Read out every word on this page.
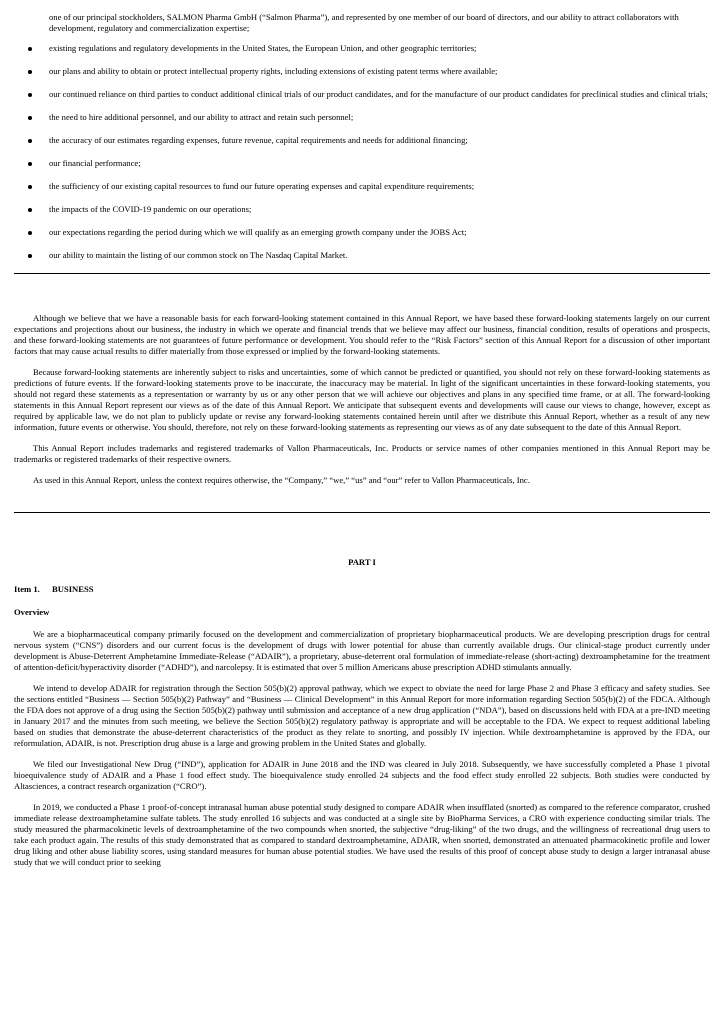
one of our principal stockholders, SALMON Pharma GmbH (“Salmon Pharma”), and represented by one member of our board of directors, and our ability to attract collaborators with development, regulatory and commercialization expertise;
existing regulations and regulatory developments in the United States, the European Union, and other geographic territories;
our plans and ability to obtain or protect intellectual property rights, including extensions of existing patent terms where available;
our continued reliance on third parties to conduct additional clinical trials of our product candidates, and for the manufacture of our product candidates for preclinical studies and clinical trials;
the need to hire additional personnel, and our ability to attract and retain such personnel;
the accuracy of our estimates regarding expenses, future revenue, capital requirements and needs for additional financing;
our financial performance;
the sufficiency of our existing capital resources to fund our future operating expenses and capital expenditure requirements;
the impacts of the COVID-19 pandemic on our operations;
our expectations regarding the period during which we will qualify as an emerging growth company under the JOBS Act;
our ability to maintain the listing of our common stock on The Nasdaq Capital Market.

Although we believe that we have a reasonable basis for each forward-looking statement contained in this Annual Report, we have based these forward-looking statements largely on our current expectations and projections about our business, the industry in which we operate and financial trends that we believe may affect our business, financial condition, results of operations and prospects, and these forward-looking statements are not guarantees of future performance or development. You should refer to the “Risk Factors” section of this Annual Report for a discussion of other important factors that may cause actual results to differ materially from those expressed or implied by the forward-looking statements.

Because forward-looking statements are inherently subject to risks and uncertainties, some of which cannot be predicted or quantified, you should not rely on these forward-looking statements as predictions of future events. If the forward-looking statements prove to be inaccurate, the inaccuracy may be material. In light of the significant uncertainties in these forward-looking statements, you should not regard these statements as a representation or warranty by us or any other person that we will achieve our objectives and plans in any specified time frame, or at all. The forward-looking statements in this Annual Report represent our views as of the date of this Annual Report. We anticipate that subsequent events and developments will cause our views to change, however, except as required by applicable law, we do not plan to publicly update or revise any forward-looking statements contained herein until after we distribute this Annual Report, whether as a result of any new information, future events or otherwise. You should, therefore, not rely on these forward-looking statements as representing our views as of any date subsequent to the date of this Annual Report.

This Annual Report includes trademarks and registered trademarks of Vallon Pharmaceuticals, Inc. Products or service names of other companies mentioned in this Annual Report may be trademarks or registered trademarks of their respective owners.

As used in this Annual Report, unless the context requires otherwise, the “Company,” “we,” “us” and “our” refer to Vallon Pharmaceuticals, Inc.

PART I
Item 1. BUSINESS
Overview

We are a biopharmaceutical company primarily focused on the development and commercialization of proprietary biopharmaceutical products. We are developing prescription drugs for central nervous system (“CNS”) disorders and our current focus is the development of drugs with lower potential for abuse than currently available drugs. Our clinical-stage product currently under development is Abuse-Deterrent Amphetamine Immediate-Release (“ADAIR”), a proprietary, abuse-deterrent oral formulation of immediate-release (short-acting) dextroamphetamine for the treatment of attention-deficit/hyperactivity disorder (“ADHD”), and narcolepsy. It is estimated that over 5 million Americans abuse prescription ADHD stimulants annually.

We intend to develop ADAIR for registration through the Section 505(b)(2) approval pathway, which we expect to obviate the need for large Phase 2 and Phase 3 efficacy and safety studies. See the sections entitled “Business — Section 505(b)(2) Pathway” and “Business — Clinical Development” in this Annual Report for more information regarding Section 505(b)(2) of the FDCA. Although the FDA does not approve of a drug using the Section 505(b)(2) pathway until submission and acceptance of a new drug application (“NDA”), based on discussions held with FDA at a pre-IND meeting in January 2017 and the minutes from such meeting, we believe the Section 505(b)(2) regulatory pathway is appropriate and will be acceptable to the FDA. We expect to request additional labeling based on studies that demonstrate the abuse-deterrent characteristics of the product as they relate to snorting, and possibly IV injection. While dextroamphetamine is approved by the FDA, our reformulation, ADAIR, is not. Prescription drug abuse is a large and growing problem in the United States and globally.

We filed our Investigational New Drug (“IND”), application for ADAIR in June 2018 and the IND was cleared in July 2018. Subsequently, we have successfully completed a Phase 1 pivotal bioequivalence study of ADAIR and a Phase 1 food effect study. The bioequivalence study enrolled 24 subjects and the food effect study enrolled 22 subjects. Both studies were conducted by Altasciences, a contract research organization (“CRO”).

In 2019, we conducted a Phase 1 proof-of-concept intranasal human abuse potential study designed to compare ADAIR when insufflated (snorted) as compared to the reference comparator, crushed immediate release dextroamphetamine sulfate tablets. The study enrolled 16 subjects and was conducted at a single site by BioPharma Services, a CRO with experience conducting similar trials. The study measured the pharmacokinetic levels of dextroamphetamine of the two compounds when snorted, the subjective “drug-liking” of the two drugs, and the willingness of recreational drug users to take each product again. The results of this study demonstrated that as compared to standard dextroamphetamine, ADAIR, when snorted, demonstrated an attenuated pharmacokinetic profile and lower drug liking and other abuse liability scores, using standard measures for human abuse potential studies. We have used the results of this proof of concept abuse study to design a larger intranasal abuse study that we will conduct prior to seeking
